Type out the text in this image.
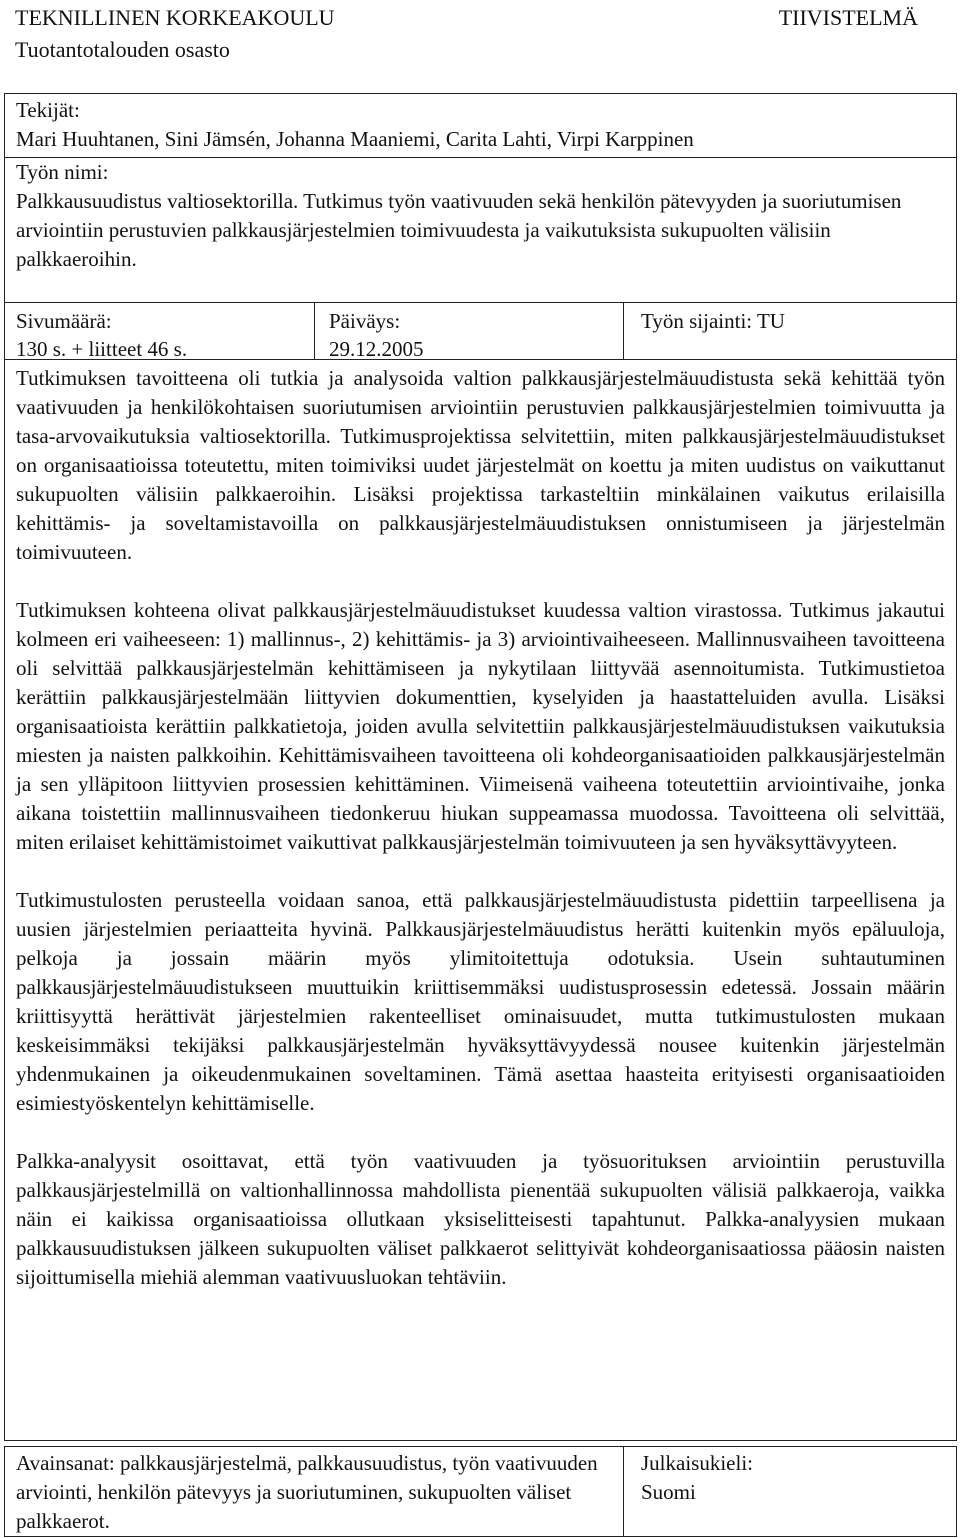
TEKNILLINEN KORKEAKOULU
Tuotantotalouden osasto
TIIVISTELMÄ
Tekijät:
Mari Huuhtanen, Sini Jämsén, Johanna Maaniemi, Carita Lahti, Virpi Karppinen
Työn nimi:
Palkkausuudistus valtiosektorilla. Tutkimus työn vaativuuden sekä henkilön pätevyyden ja suoriutumisen arviointiin perustuvien palkkausjärjestelmien toimivuudesta ja vaikutuksista sukupuolten välisiin palkkaeroihin.
Sivumäärä:
130 s. + liitteet 46 s.
Päiväys:
29.12.2005
Työn sijainti: TU

Tutkimuksen tavoitteena oli tutkia ja analysoida valtion palkkausjärjestelmäuudistusta sekä kehittää työn vaativuuden ja henkilökohtaisen suoriutumisen arviointiin perustuvien palkkausjärjestelmien toimivuutta ja tasa-arvovaikutuksia valtiosektorilla. Tutkimusprojektissa selvitettiin, miten palkkausjärjestelmäuudistukset on organisaatioissa toteutettu, miten toimiviksi uudet järjestelmät on koettu ja miten uudistus on vaikuttanut sukupuolten välisiin palkkaeroihin. Lisäksi projektissa tarkasteltiin minkälainen vaikutus erilaisilla kehittämis- ja soveltamistavoilla on palkkausjärjestelmäuudistuksen onnistumiseen ja järjestelmän toimivuuteen.

Tutkimuksen kohteena olivat palkkausjärjestelmäuudistukset kuudessa valtion virastossa. Tutkimus jakautui kolmeen eri vaiheeseen: 1) mallinnus-, 2) kehittämis- ja 3) arviointivaiheeseen. Mallinnusvaiheen tavoitteena oli selvittää palkkausjärjestelmän kehittämiseen ja nykytilaan liittyvää asennoitumista. Tutkimustietoa kerättiin palkkausjärjestelmään liittyvien dokumenttien, kyselyiden ja haastatteluiden avulla. Lisäksi organisaatioista kerättiin palkkatietoja, joiden avulla selvitettiin palkkausjärjestelmäuudistuksen vaikutuksia miesten ja naisten palkkoihin. Kehittämisvaiheen tavoitteena oli kohdeorganisaatioiden palkkausjärjestelmän ja sen ylläpitoon liittyvien prosessien kehittäminen. Viimeisenä vaiheena toteutettiin arviointivaihe, jonka aikana toistettiin mallinnusvaiheen tiedonkeruu hiukan suppeamassa muodossa. Tavoitteena oli selvittää, miten erilaiset kehittämistoimet vaikuttivat palkkausjärjestelmän toimivuuteen ja sen hyväksyttävyyteen.

Tutkimustulosten perusteella voidaan sanoa, että palkkausjärjestelmäuudistusta pidettiin tarpeellisena ja uusien järjestelmien periaatteita hyvinä. Palkkausjärjestelmäuudistus herätti kuitenkin myös epäluuloja, pelkoja ja jossain määrin myös ylimitoitettuja odotuksia. Usein suhtautuminen palkkausjärjestelmäuudistukseen muuttuikin kriittisemmäksi uudistusprosessin edetessä. Jossain määrin kriittisyyttä herättivät järjestelmien rakenteelliset ominaisuudet, mutta tutkimustulosten mukaan keskeisimmäksi tekijäksi palkkausjärjestelmän hyväksyttävyydessä nousee kuitenkin järjestelmän yhdenmukainen ja oikeudenmukainen soveltaminen. Tämä asettaa haasteita erityisesti organisaatioiden esimiestyöskentelyn kehittämiselle.

Palkka-analyysit osoittavat, että työn vaativuuden ja työsuorituksen arviointiin perustuvilla palkkausjärjestelmillä on valtionhallinnossa mahdollista pienentää sukupuolten välisiä palkkaeroja, vaikka näin ei kaikissa organisaatioissa ollutkaan yksiselitteisesti tapahtunut. Palkka-analyysien mukaan palkkausuudistuksen jälkeen sukupuolten väliset palkkaerot selittyivät kohdeorganisaatiossa pääosin naisten sijoittumisella miehiä alemman vaativuusluokan tehtäviin.

Avainsanat: palkkausjärjestelmä, palkkausuudistus, työn vaativuuden arviointi, henkilön pätevyys ja suoriutuminen, sukupuolten väliset palkkaerot.
Julkaisukieli:
Suomi
